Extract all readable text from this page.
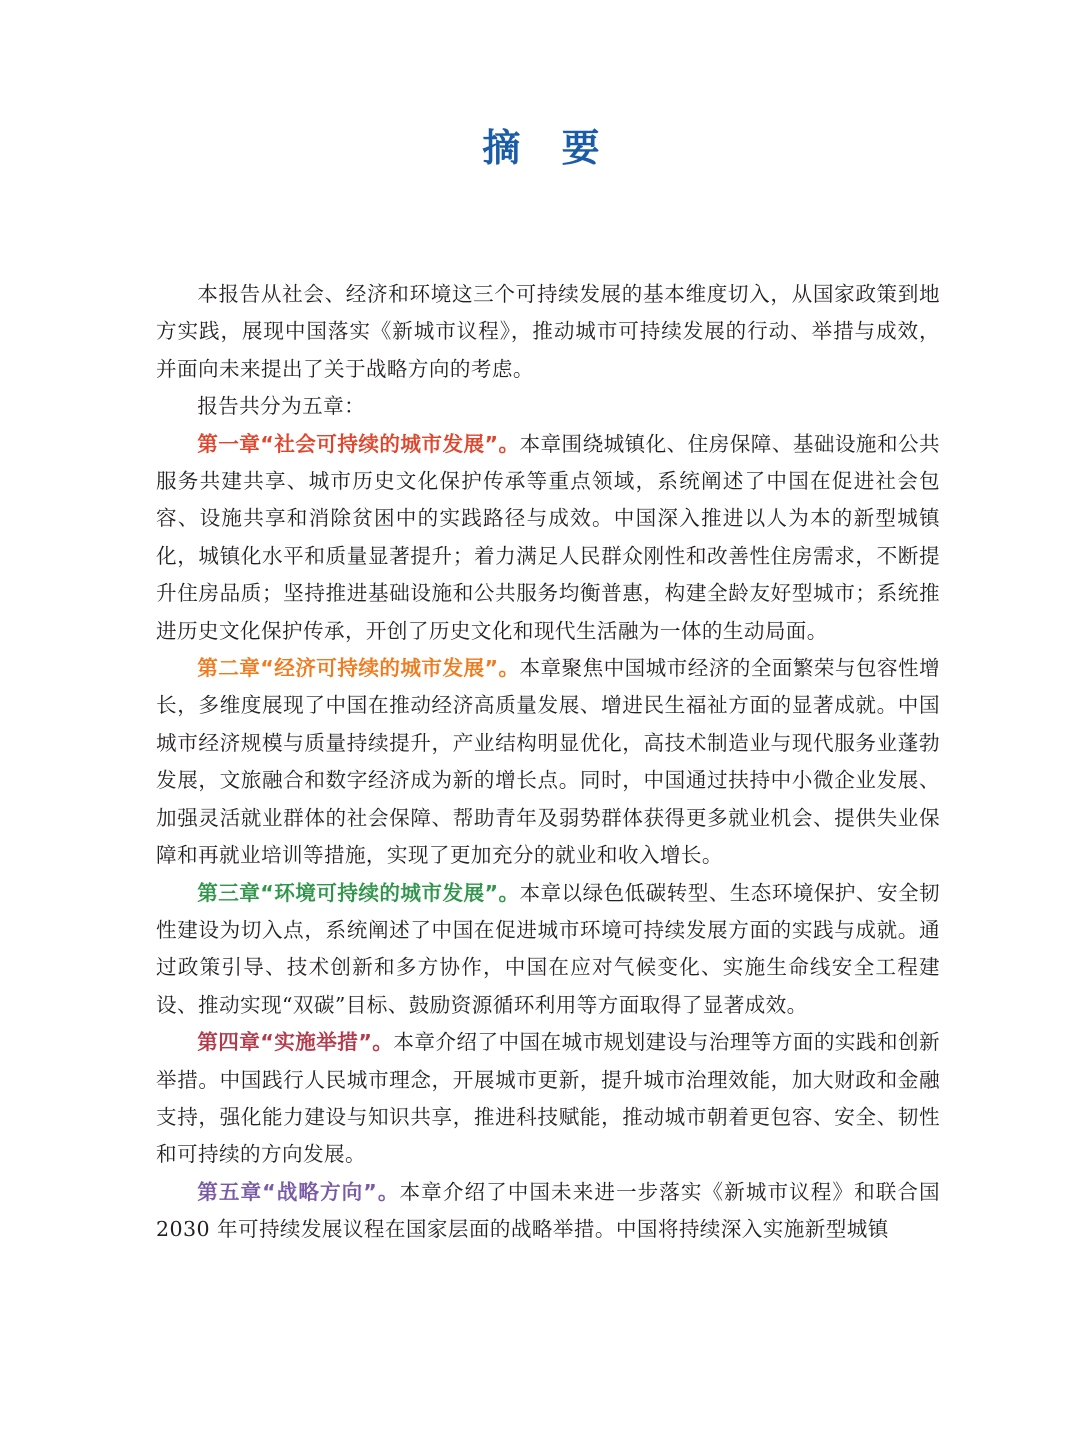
摘 要

本报告从社会、经济和环境这三个可持续发展的基本维度切入，从国家政策到地方实践，展现中国落实《新城市议程》，推动城市可持续发展的行动、举措与成效，并面向未来提出了关于战略方向的考虑。

报告共分为五章：

第一章“社会可持续的城市发展”。本章围绕城镇化、住房保障、基础设施和公共服务共建共享、城市历史文化保护传承等重点领域，系统阐述了中国在促进社会包容、设施共享和消除贫困中的实践路径与成效。中国深入推进以人为本的新型城镇化，城镇化水平和质量显著提升；着力满足人民群众刚性和改善性住房需求，不断提升住房品质；坚持推进基础设施和公共服务均衡普惠，构建全龄友好型城市；系统推进历史文化保护传承，开创了历史文化和现代生活融为一体的生动局面。

第二章“经济可持续的城市发展”。本章聚焦中国城市经济的全面繁荣与包容性增长，多维度展现了中国在推动经济高质量发展、增进民生福祉方面的显著成就。中国城市经济规模与质量持续提升，产业结构明显优化，高技术制造业与现代服务业蓬勃发展，文旅融合和数字经济成为新的增长点。同时，中国通过扶持中小微企业发展、加强灵活就业群体的社会保障、帮助青年及弱势群体获得更多就业机会、提供失业保障和再就业培训等措施，实现了更加充分的就业和收入增长。

第三章“环境可持续的城市发展”。本章以绿色低碳转型、生态环境保护、安全韧性建设为切入点，系统阐述了中国在促进城市环境可持续发展方面的实践与成就。通过政策引导、技术创新和多方协作，中国在应对气候变化、实施生命线安全工程建设、推动实现“双碳”目标、鼓励资源循环利用等方面取得了显著成效。

第四章“实施举措”。本章介绍了中国在城市规划建设与治理等方面的实践和创新举措。中国践行人民城市理念，开展城市更新，提升城市治理效能，加大财政和金融支持，强化能力建设与知识共享，推进科技赋能，推动城市朝着更包容、安全、韧性和可持续的方向发展。

第五章“战略方向”。本章介绍了中国未来进一步落实《新城市议程》和联合国 2030 年可持续发展议程在国家层面的战略举措。中国将持续深入实施新型城镇
